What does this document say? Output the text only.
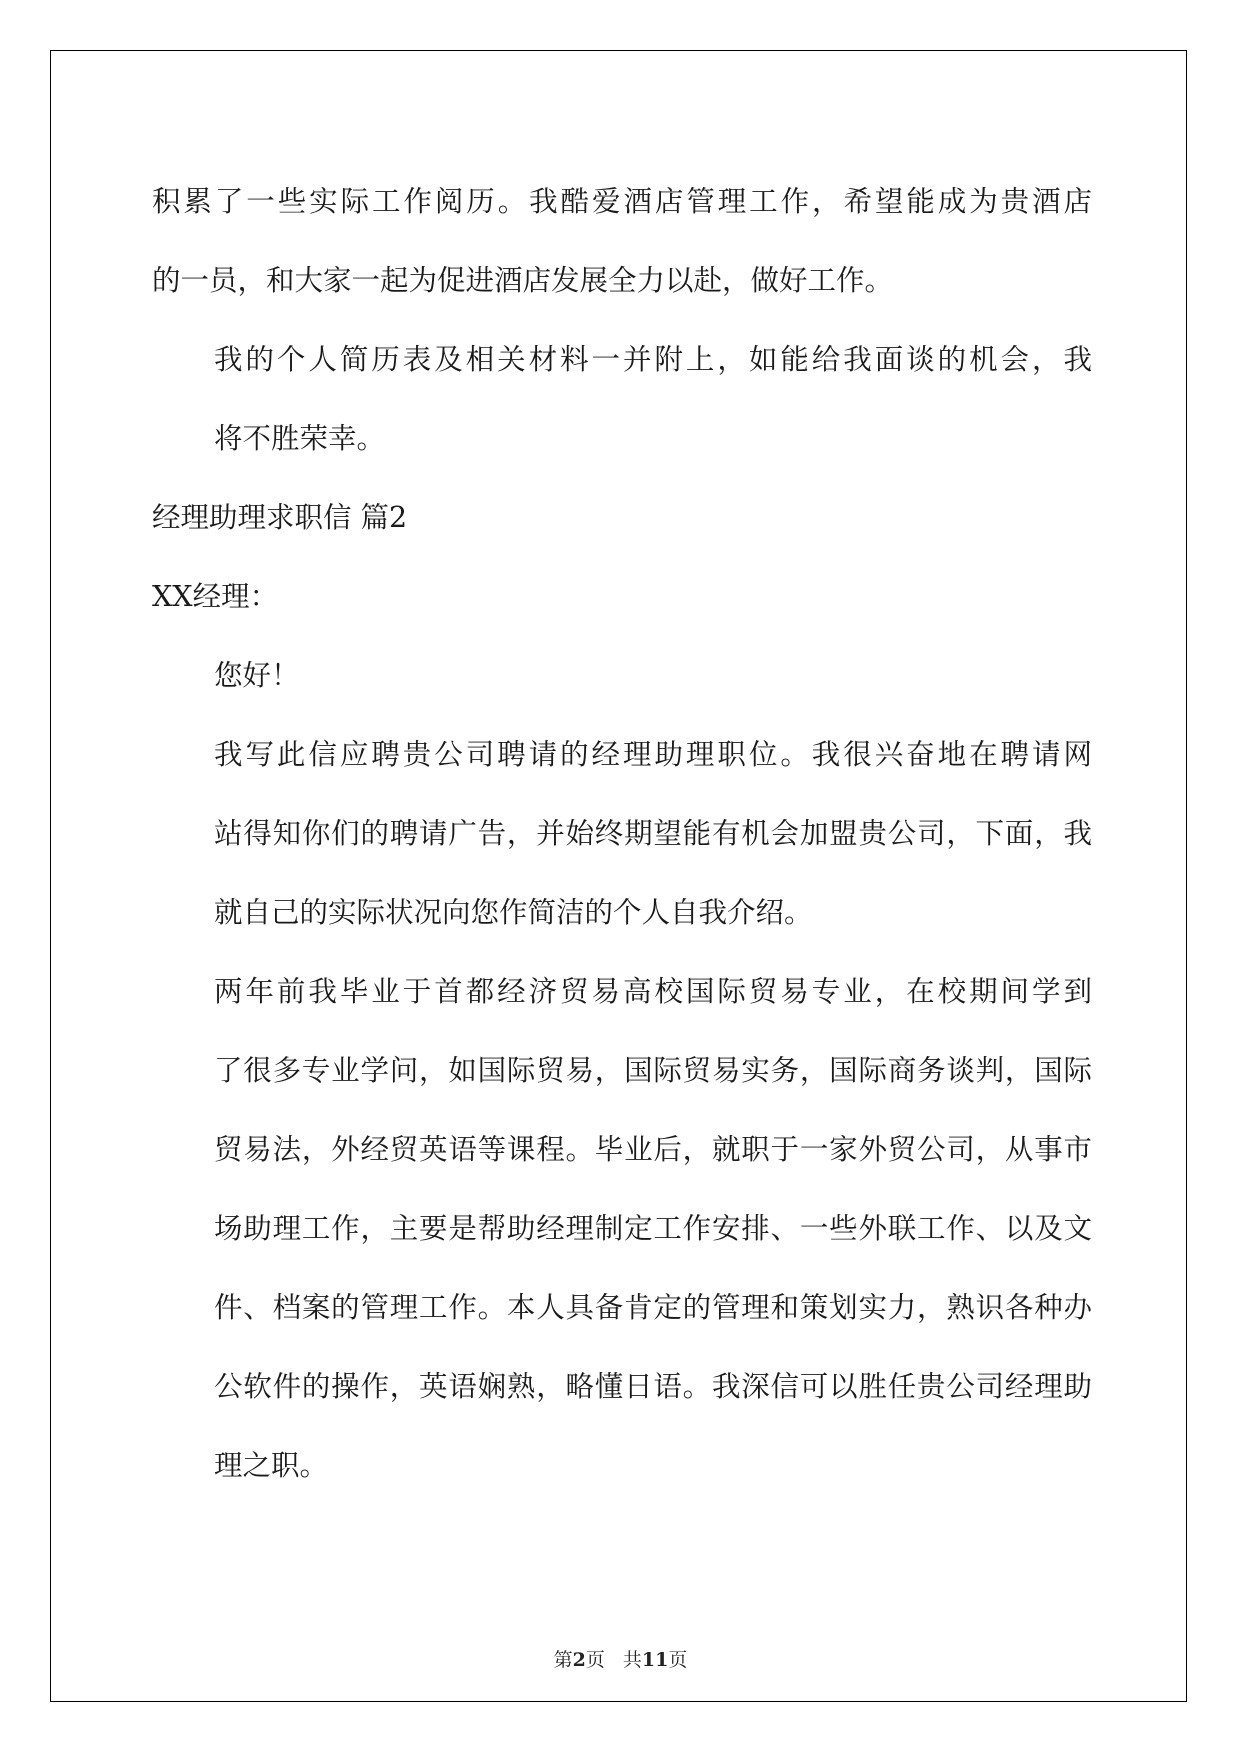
积累了一些实际工作阅历。我酷爱酒店管理工作，希望能成为贵酒店
的一员，和大家一起为促进酒店发展全力以赴，做好工作。

我的个人简历表及相关材料一并附上，如能给我面谈的机会，我
将不胜荣幸。

经理助理求职信 篇2

XX经理：

您好！

我写此信应聘贵公司聘请的经理助理职位。我很兴奋地在聘请网
站得知你们的聘请广告，并始终期望能有机会加盟贵公司，下面，我
就自己的实际状况向您作简洁的个人自我介绍。

两年前我毕业于首都经济贸易高校国际贸易专业，在校期间学到
了很多专业学问，如国际贸易，国际贸易实务，国际商务谈判，国际
贸易法，外经贸英语等课程。毕业后，就职于一家外贸公司，从事市
场助理工作，主要是帮助经理制定工作安排、一些外联工作、以及文
件、档案的管理工作。本人具备肯定的管理和策划实力，熟识各种办
公软件的操作，英语娴熟，略懂日语。我深信可以胜任贵公司经理助
理之职。

第2页 共11页
